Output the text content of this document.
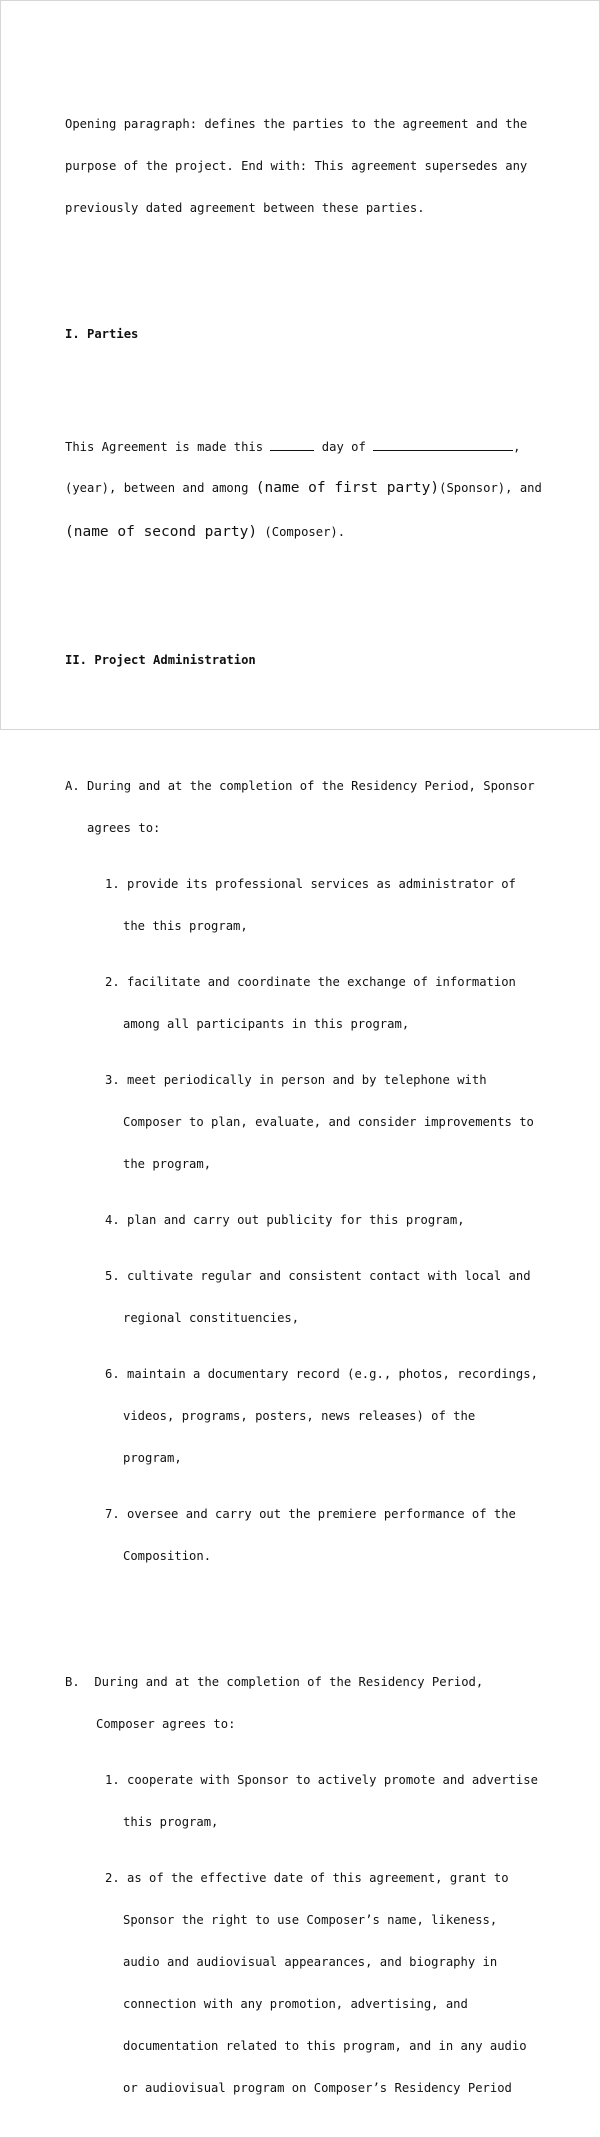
Opening paragraph: defines the parties to the agreement and the

purpose of the project. End with: This agreement supersedes any

previously dated agreement between these parties.

I. Parties

This Agreement is made this	day of	,

(year), between and among (name of first party)(Sponsor), and

(name of second party) (Composer).

II. Project Administration

A. During and at the completion of the Residency Period, Sponsor

agrees to:

1. provide its professional services as administrator of

the this program,

2. facilitate and coordinate the exchange of information

among all participants in this program,

3. meet periodically in person and by telephone with

Composer to plan, evaluate, and consider improvements to

the program,

4. plan and carry out publicity for this program,

5. cultivate regular and consistent contact with local and

regional constituencies,

6. maintain a documentary record (e.g., photos, recordings,

videos, programs, posters, news releases) of the

program,

7. oversee and carry out the premiere performance of the

Composition.

B.  During and at the completion of the Residency Period,

Composer agrees to:

1. cooperate with Sponsor to actively promote and advertise

this program,

2. as of the effective date of this agreement, grant to

Sponsor the right to use Composer’s name, likeness,

audio and audiovisual appearances, and biography in

connection with any promotion, advertising, and

documentation related to this program, and in any audio

or audiovisual program on Composer’s Residency Period
